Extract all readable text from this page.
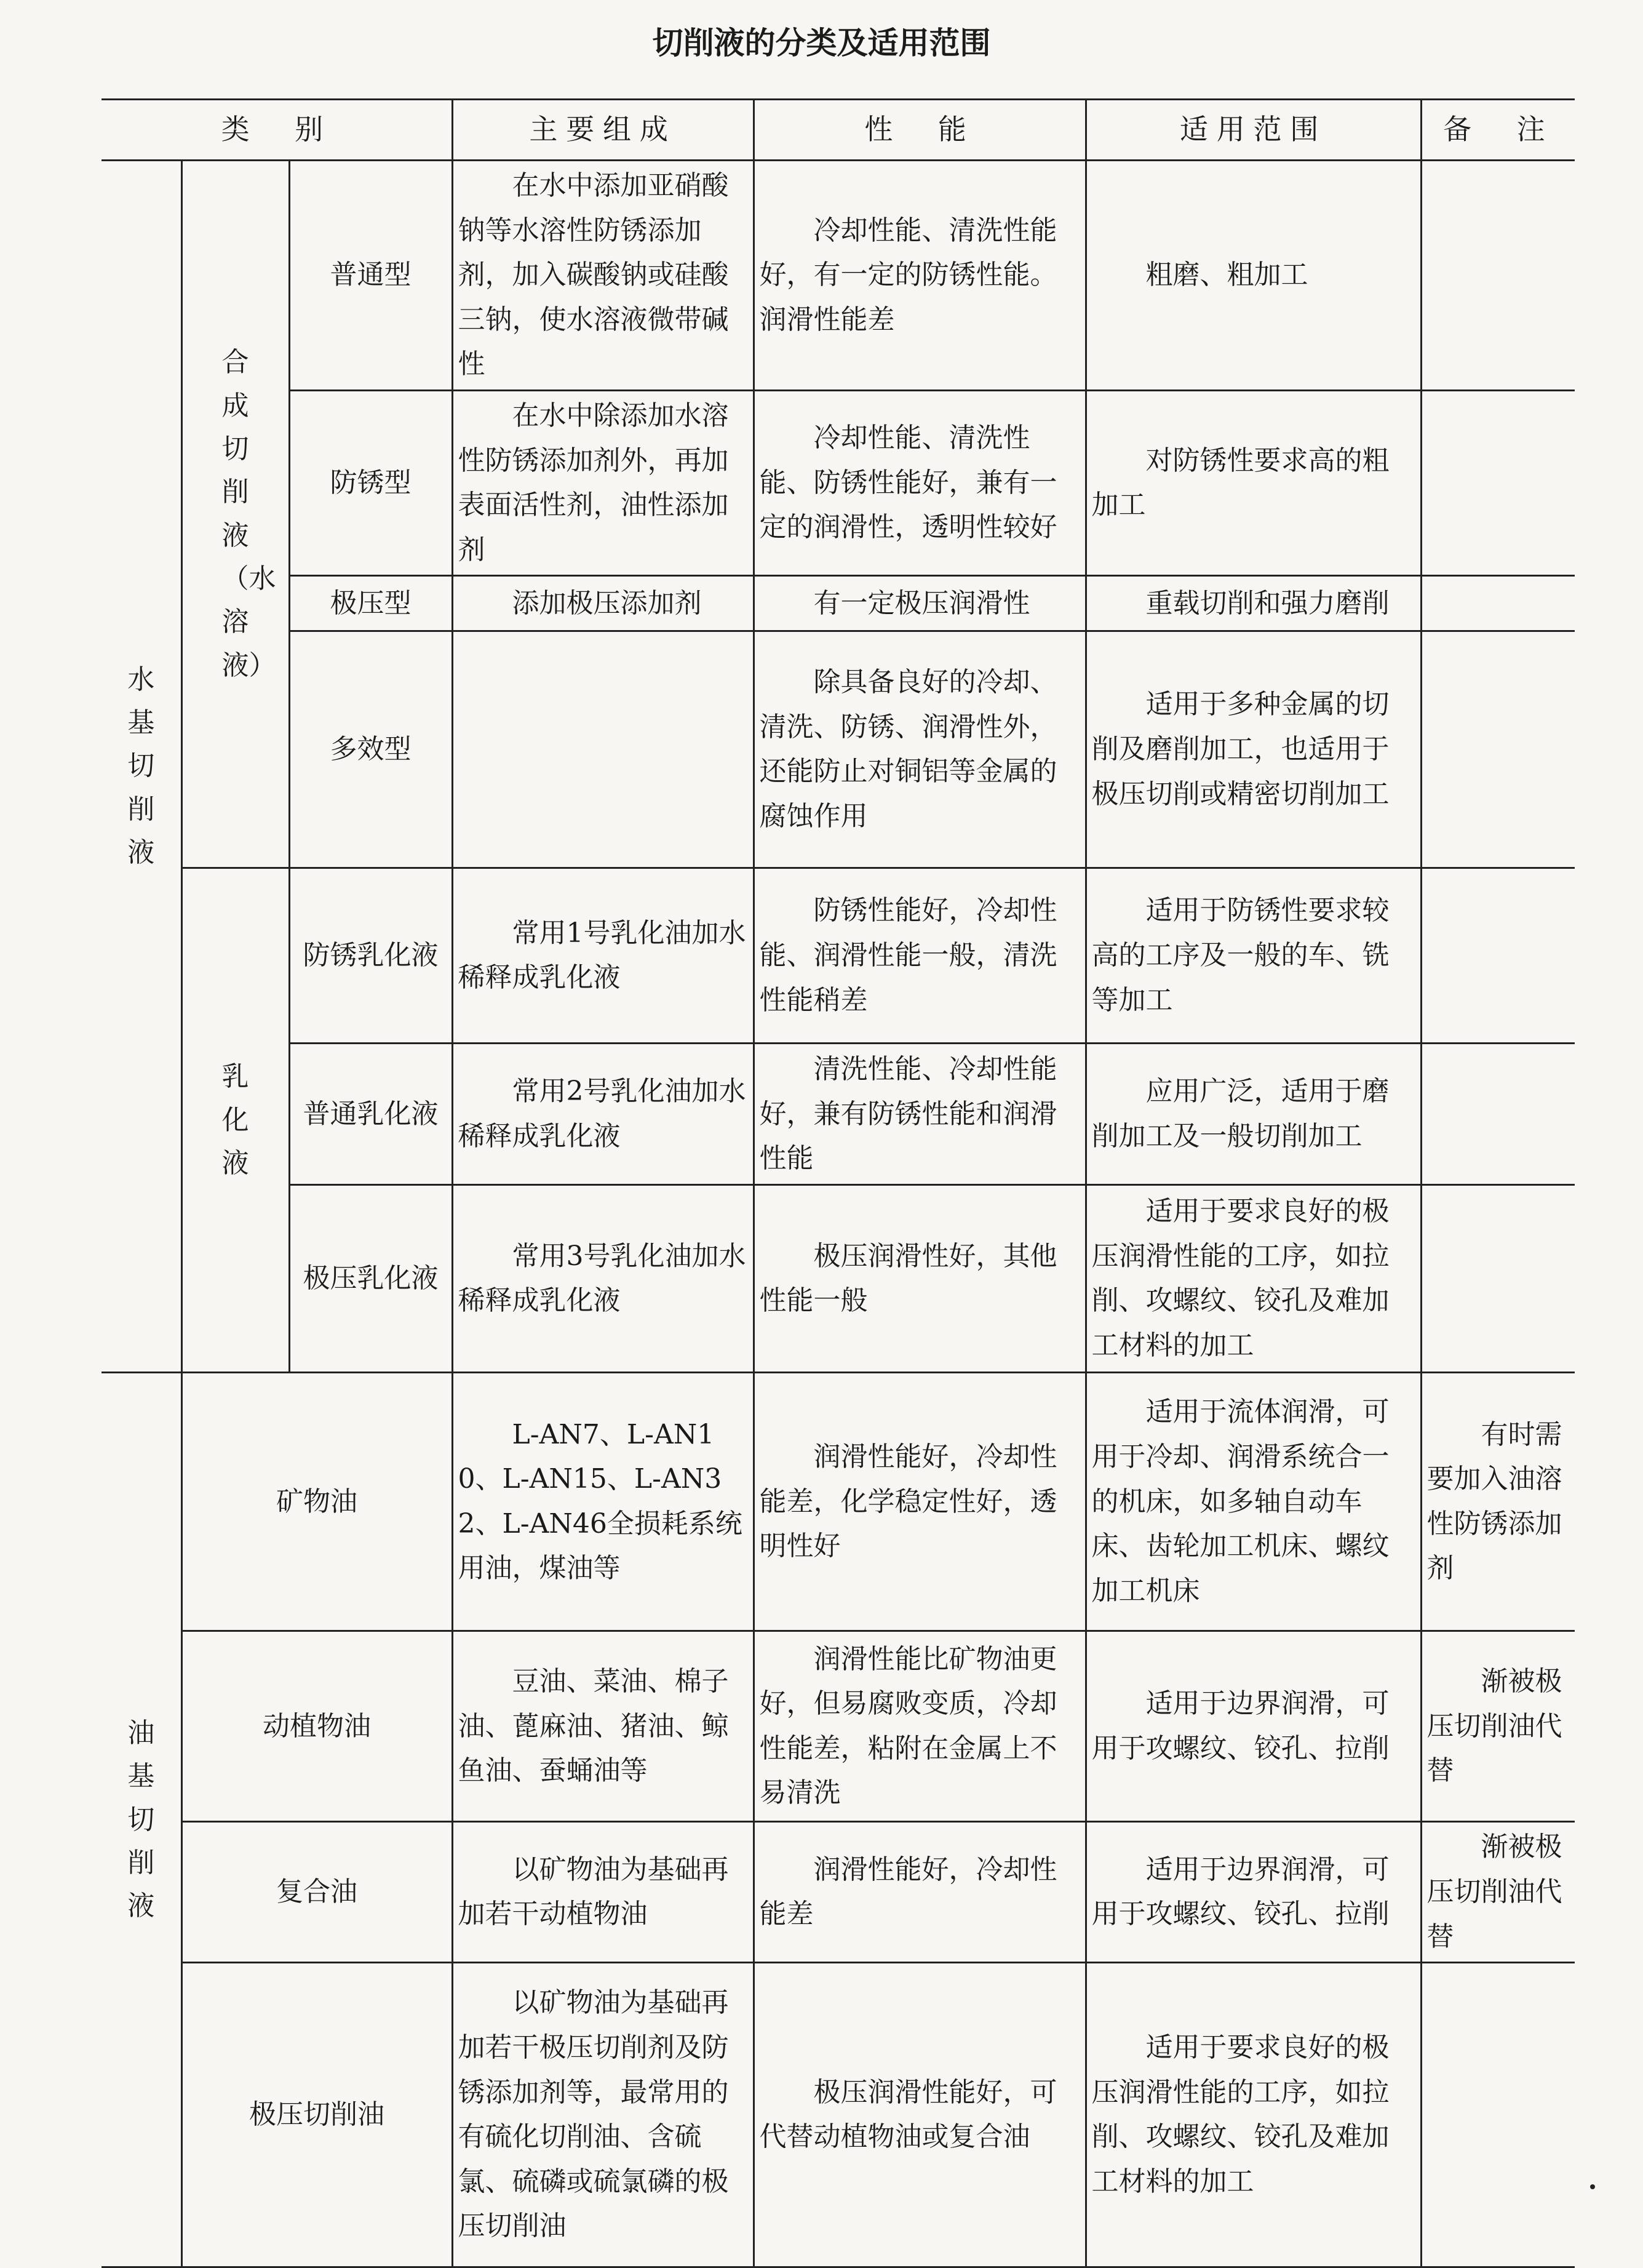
切削液的分类及适用范围
类　别			主要组成	性　能	适用范围	备　注

水基切削液	合成切削液（水溶液）	普通型	在水中添加亚硝酸钠等水溶性防锈添加剂，加入碳酸钠或硅酸三钠，使水溶液微带碱性	冷却性能、清洗性能好，有一定的防锈性能。润滑性能差	粗磨、粗加工	
		防锈型	在水中除添加水溶性防锈添加剂外，再加表面活性剂，油性添加剂	冷却性能、清洗性能、防锈性能好，兼有一定的润滑性，透明性较好	对防锈性要求高的粗加工	
		极压型	添加极压添加剂	有一定极压润滑性	重载切削和强力磨削	
		多效型		除具备良好的冷却、清洗、防锈、润滑性外，还能防止对铜铝等金属的腐蚀作用	适用于多种金属的切削及磨削加工，也适用于极压切削或精密切削加工	

	乳化液	防锈乳化液	常用1号乳化油加水稀释成乳化液	防锈性能好，冷却性能、润滑性能一般，清洗性能稍差	适用于防锈性要求较高的工序及一般的车、铣等加工	
		普通乳化液	常用2号乳化油加水稀释成乳化液	清洗性能、冷却性能好，兼有防锈性能和润滑性能	应用广泛，适用于磨削加工及一般切削加工	
		极压乳化液	常用3号乳化油加水稀释成乳化液	极压润滑性好，其他性能一般	适用于要求良好的极压润滑性能的工序，如拉削、攻螺纹、铰孔及难加工材料的加工	

油基切削液	矿物油		L-AN7、L-AN10、L-AN15、L-AN32、L-AN46全损耗系统用油，煤油等	润滑性能好，冷却性能差，化学稳定性好，透明性好	适用于流体润滑，可用于冷却、润滑系统合一的机床，如多轴自动车床、齿轮加工机床、螺纹加工机床	有时需要加入油溶性防锈添加剂
	动植物油		豆油、菜油、棉子油、蓖麻油、猪油、鲸鱼油、蚕蛹油等	润滑性能比矿物油更好，但易腐败变质，冷却性能差，粘附在金属上不易清洗	适用于边界润滑，可用于攻螺纹、铰孔、拉削	渐被极压切削油代替
	复合油		以矿物油为基础再加若干动植物油	润滑性能好，冷却性能差	适用于边界润滑，可用于攻螺纹、铰孔、拉削	渐被极压切削油代替
	极压切削油		以矿物油为基础再加若干极压切削剂及防锈添加剂等，最常用的有硫化切削油、含硫氯、硫磷或硫氯磷的极压切削油	极压润滑性能好，可代替动植物油或复合油	适用于要求良好的极压润滑性能的工序，如拉削、攻螺纹、铰孔及难加工材料的加工	
